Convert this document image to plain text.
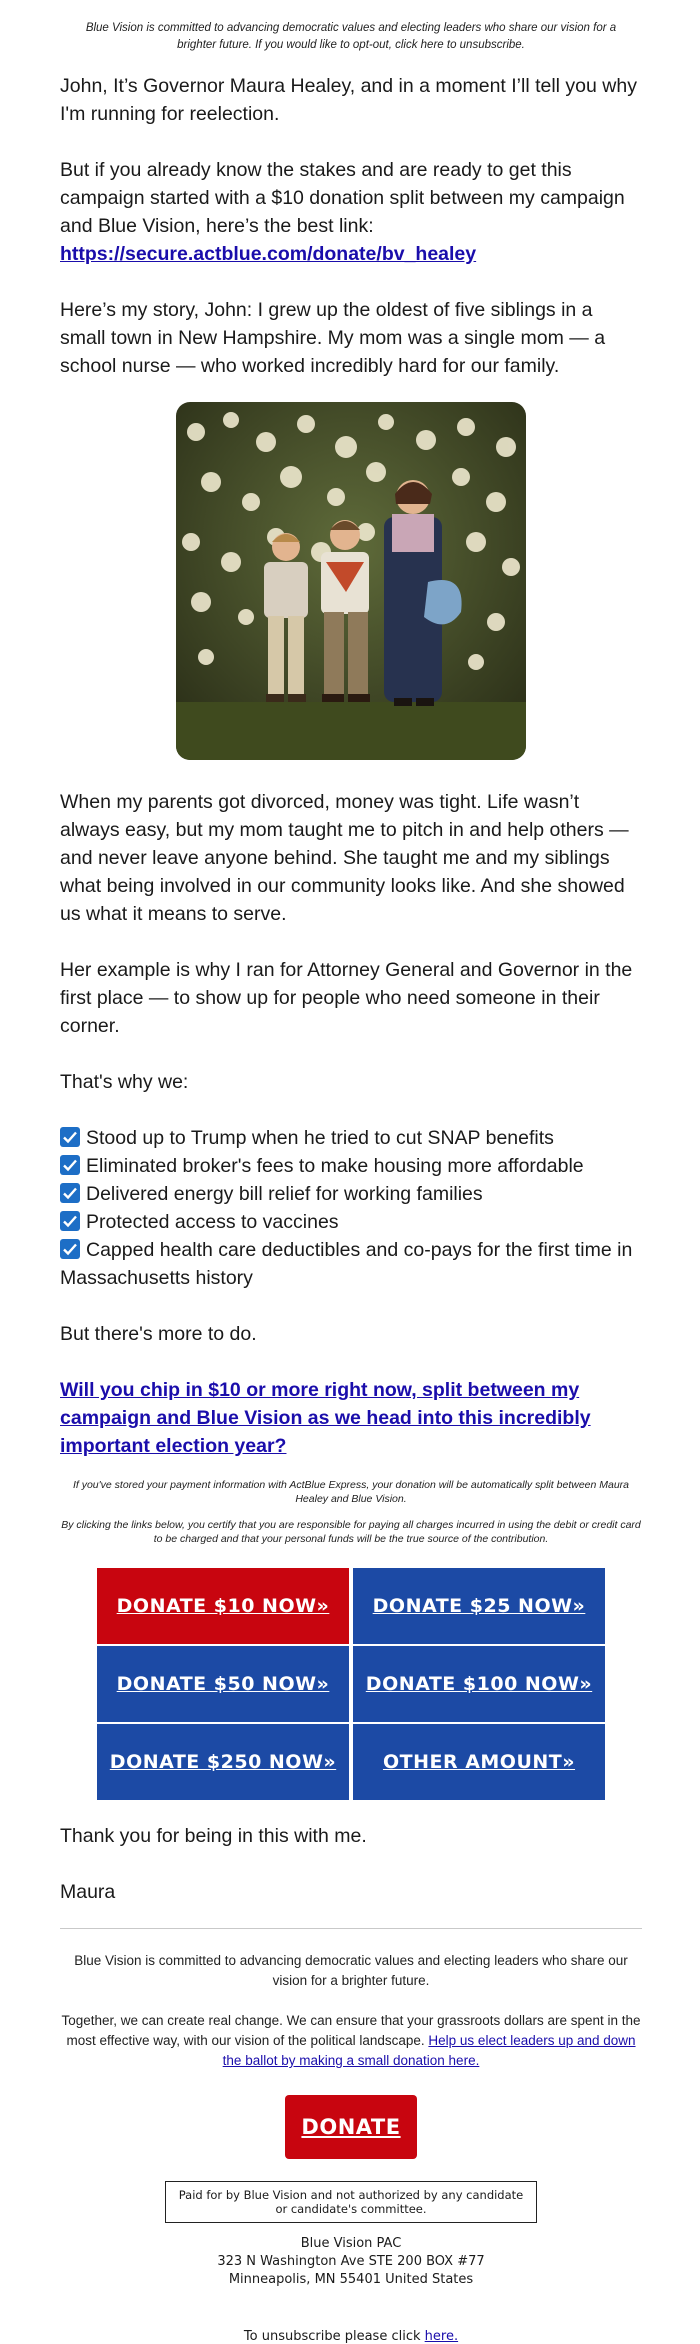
Blue Vision is committed to advancing democratic values and electing leaders who share our vision for a brighter future. If you would like to opt-out, click here to unsubscribe.

John, It’s Governor Maura Healey, and in a moment I’ll tell you why I'm running for reelection.

But if you already know the stakes and are ready to get this campaign started with a $10 donation split between my campaign and Blue Vision, here’s the best link:
https://secure.actblue.com/donate/bv_healey

Here’s my story, John: I grew up the oldest of five siblings in a small town in New Hampshire. My mom was a single mom — a school nurse — who worked incredibly hard for our family.

When my parents got divorced, money was tight. Life wasn’t always easy, but my mom taught me to pitch in and help others — and never leave anyone behind. She taught me and my siblings what being involved in our community looks like. And she showed us what it means to serve.

Her example is why I ran for Attorney General and Governor in the first place — to show up for people who need someone in their corner.

That's why we:

Stood up to Trump when he tried to cut SNAP benefits
Eliminated broker's fees to make housing more affordable
Delivered energy bill relief for working families
Protected access to vaccines
Capped health care deductibles and co-pays for the first time in Massachusetts history

But there's more to do.

Will you chip in $10 or more right now, split between my campaign and Blue Vision as we head into this incredibly important election year?

If you've stored your payment information with ActBlue Express, your donation will be automatically split between Maura Healey and Blue Vision.

By clicking the links below, you certify that you are responsible for paying all charges incurred in using the debit or credit card to be charged and that your personal funds will be the true source of the contribution.

DONATE $10 NOW»	DONATE $25 NOW»
DONATE $50 NOW»	DONATE $100 NOW»
DONATE $250 NOW»	OTHER AMOUNT»

Thank you for being in this with me.

Maura

Blue Vision is committed to advancing democratic values and electing leaders who share our vision for a brighter future.

Together, we can create real change. We can ensure that your grassroots dollars are spent in the most effective way, with our vision of the political landscape. Help us elect leaders up and down the ballot by making a small donation here.

DONATE
Paid for by Blue Vision and not authorized by any candidate or candidate's committee.
Blue Vision PAC
323 N Washington Ave STE 200 BOX #77
Minneapolis, MN 55401 United States
To unsubscribe please click here.
